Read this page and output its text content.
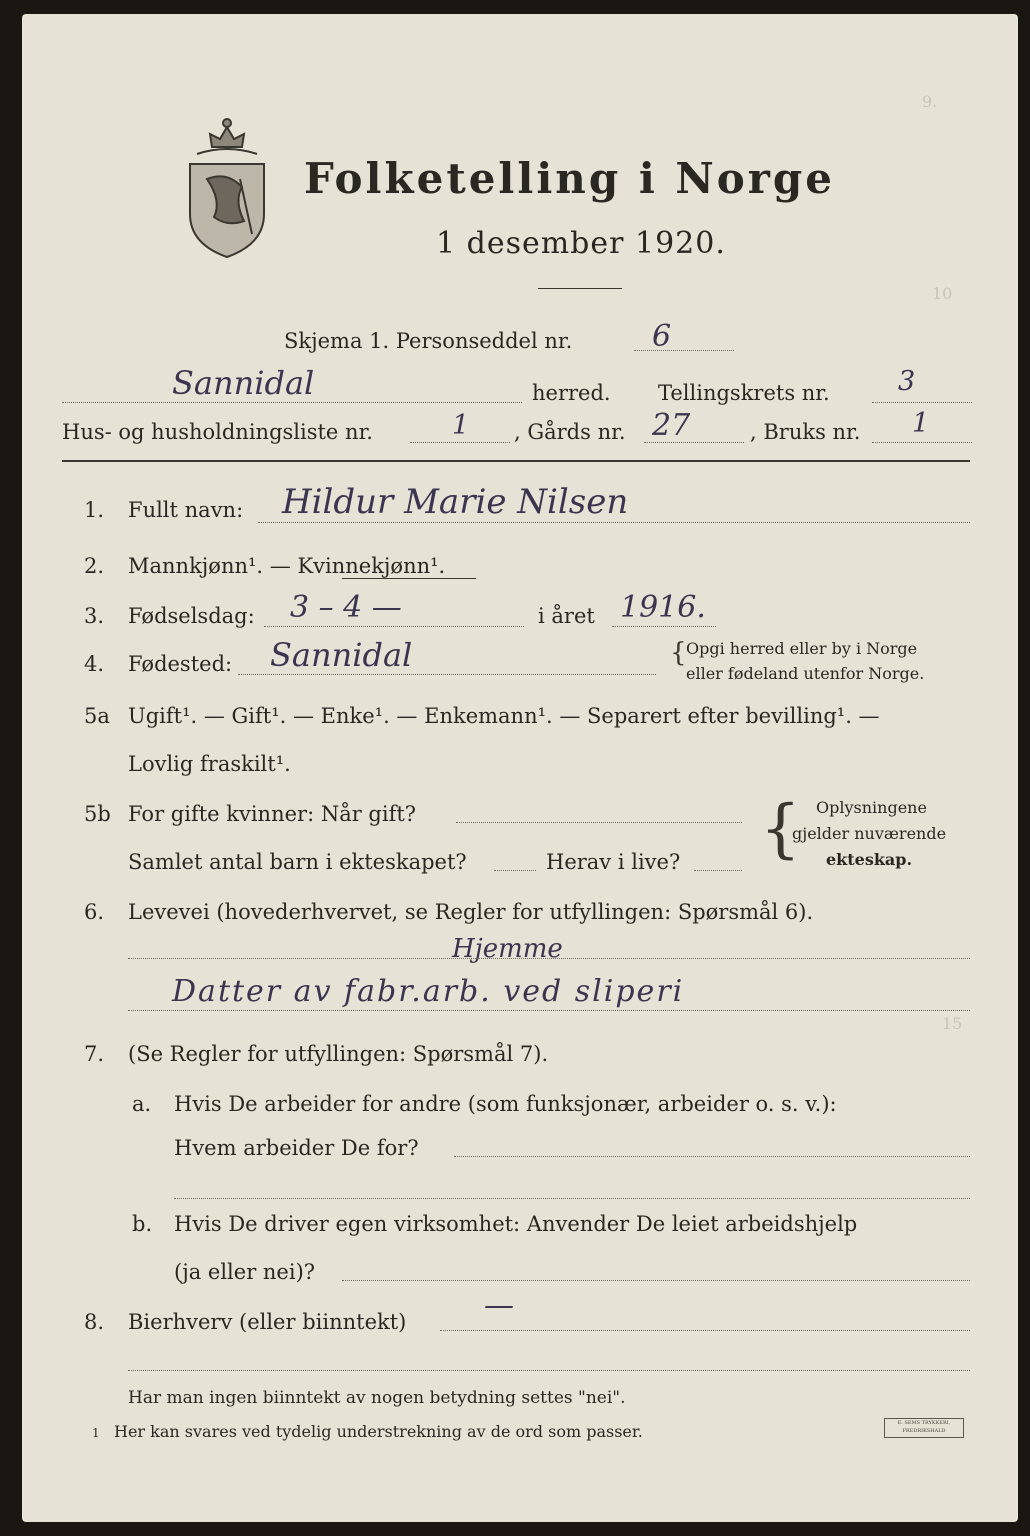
Folketelling i Norge
1 desember 1920.
9.
10
15
Skjema 1. Personseddel nr.	6
Sannidal	herred. Tellingskrets nr.	3
Hus- og husholdningsliste nr.	1 , Gårds nr. 27	, Bruks nr. 1
1. Fullt navn: Hildur Marie Nilsen
2. Mannkjønn¹. — Kvinnekjønn¹.
3. Fødselsdag: 3 – 4 —	i året 1916.
4. Fødested: Sannidal	{ Opgi herred eller by i Norge
eller fødeland utenfor Norge.
5a Ugift¹. — Gift¹. — Enke¹. — Enkemann¹. — Separert efter bevilling¹. —
Lovlig fraskilt¹.
5b For gifte kvinner: Når gift?
Samlet antal barn i ekteskapet?	Herav i live? { Oplysningene
gjelder nuværende
ekteskap.
6. Levevei (hovederhvervet, se Regler for utfyllingen: Spørsmål 6).
Hjemme
Datter av fabr.arb. ved sliperi
7. (Se Regler for utfyllingen: Spørsmål 7).
a. Hvis De arbeider for andre (som funksjonær, arbeider o. s. v.):
Hvem arbeider De for?
b. Hvis De driver egen virksomhet: Anvender De leiet arbeidshjelp
(ja eller nei)?
8. Bierhverv (eller biinntekt)	—
Har man ingen biinntekt av nogen betydning settes "nei".
1 Her kan svares ved tydelig understrekning av de ord som passer.	E. SEMS TRYKKERI, FREDRIKSHALD
